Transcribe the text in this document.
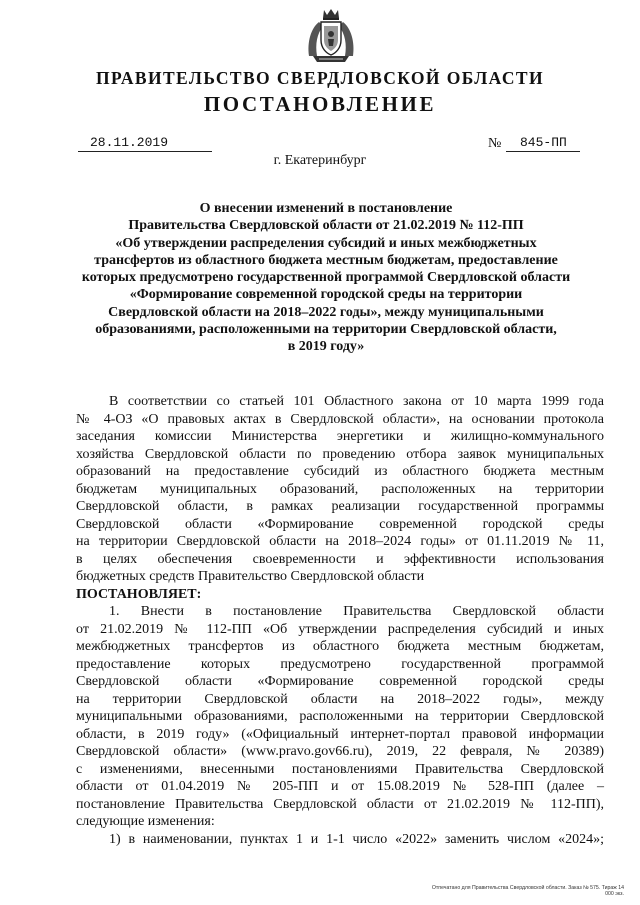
ПРАВИТЕЛЬСТВО СВЕРДЛОВСКОЙ ОБЛАСТИ
ПОСТАНОВЛЕНИЕ
28.11.2019	№ 845-ПП
г. Екатеринбург

О внесении изменений в постановление

Правительства Свердловской области от 21.02.2019 № 112-ПП

«Об утверждении распределения субсидий и иных межбюджетных

трансфертов из областного бюджета местным бюджетам, предоставление

которых предусмотрено государственной программой Свердловской области

«Формирование современной городской среды на территории

Свердловской области на 2018–2022 годы», между муниципальными

образованиями, расположенными на территории Свердловской области,

в 2019 году»

В соответствии со статьей 101 Областного закона от 10 марта 1999 года

№ 4-ОЗ «О правовых актах в Свердловской области», на основании протокола

заседания комиссии Министерства энергетики и жилищно-коммунального

хозяйства Свердловской области по проведению отбора заявок муниципальных

образований на предоставление субсидий из областного бюджета местным

бюджетам муниципальных образований, расположенных на территории

Свердловской области, в рамках реализации государственной программы

Свердловской области «Формирование современной городской среды

на территории Свердловской области на 2018–2024 годы» от 01.11.2019 № 11,

в целях обеспечения своевременности и эффективности использования

бюджетных средств Правительство Свердловской области

ПОСТАНОВЛЯЕТ:

1. Внести в постановление Правительства Свердловской области

от 21.02.2019 № 112-ПП «Об утверждении распределения субсидий и иных

межбюджетных трансфертов из областного бюджета местным бюджетам,

предоставление которых предусмотрено государственной программой

Свердловской области «Формирование современной городской среды

на территории Свердловской области на 2018–2022 годы», между

муниципальными образованиями, расположенными на территории Свердловской

области, в 2019 году» («Официальный интернет-портал правовой информации

Свердловской области» (www.pravo.gov66.ru), 2019, 22 февраля, № 20389)

с изменениями, внесенными постановлениями Правительства Свердловской

области от 01.04.2019 № 205-ПП и от 15.08.2019 № 528-ПП (далее –

постановление Правительства Свердловской области от 21.02.2019 № 112-ПП),

следующие изменения:

1) в наименовании, пунктах 1 и 1-1 число «2022» заменить числом «2024»;

Отпечатано для Правительства Свердловской области. Заказ № 575. Тираж 14 000 экз.
